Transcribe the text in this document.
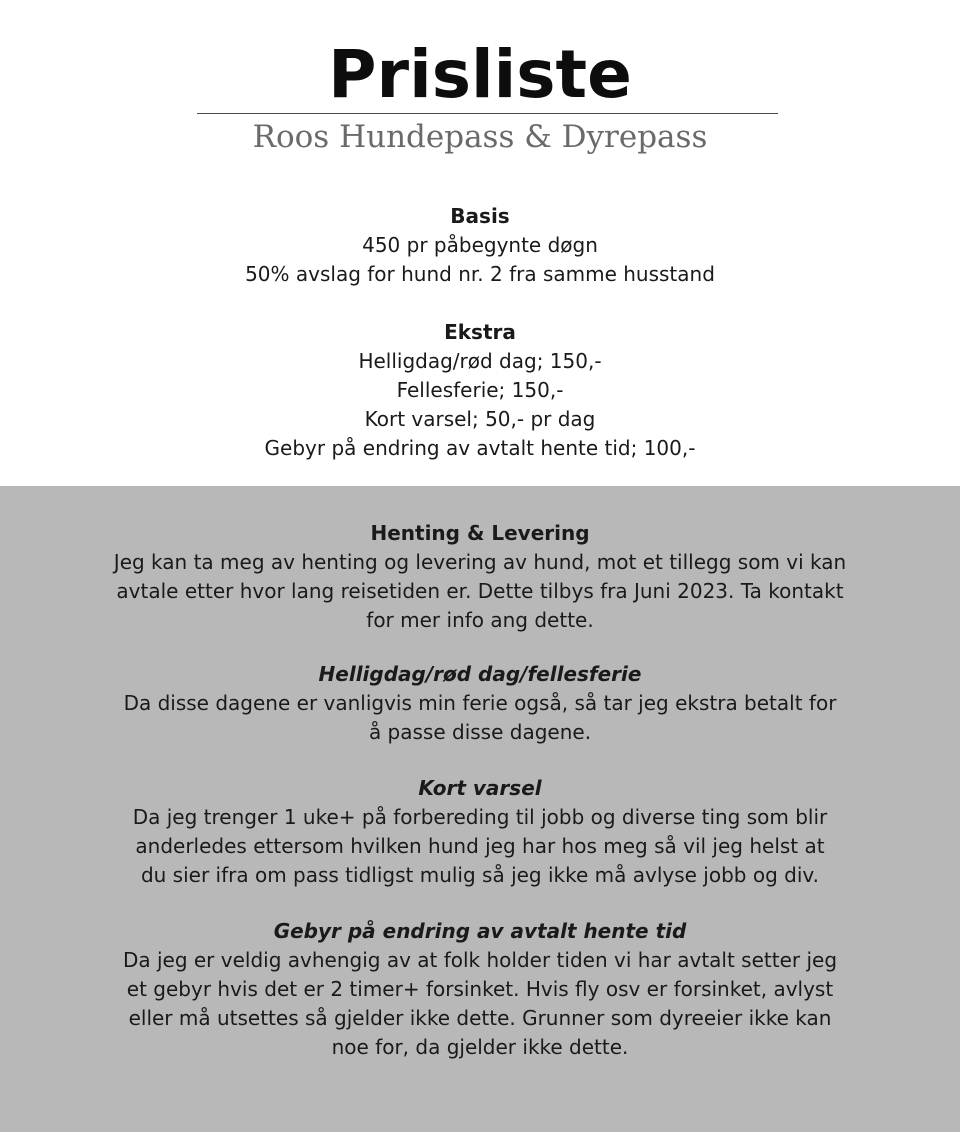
Prisliste
Roos Hundepass & Dyrepass
Basis
450 pr påbegynte døgn
50% avslag for hund nr. 2 fra samme husstand
Ekstra
Helligdag/rød dag; 150,-
Fellesferie; 150,-
Kort varsel; 50,- pr dag
Gebyr på endring av avtalt hente tid; 100,-
Henting & Levering
Jeg kan ta meg av henting og levering av hund, mot et tillegg som vi kan
avtale etter hvor lang reisetiden er. Dette tilbys fra Juni 2023. Ta kontakt
for mer info ang dette.
Helligdag/rød dag/fellesferie
Da disse dagene er vanligvis min ferie også, så tar jeg ekstra betalt for
å passe disse dagene.
Kort varsel
Da jeg trenger 1 uke+ på forbereding til jobb og diverse ting som blir
anderledes ettersom hvilken hund jeg har hos meg så vil jeg helst at
du sier ifra om pass tidligst mulig så jeg ikke må avlyse jobb og div.
Gebyr på endring av avtalt hente tid
Da jeg er veldig avhengig av at folk holder tiden vi har avtalt setter jeg
et gebyr hvis det er 2 timer+ forsinket. Hvis fly osv er forsinket, avlyst
eller må utsettes så gjelder ikke dette. Grunner som dyreeier ikke kan
noe for, da gjelder ikke dette.
